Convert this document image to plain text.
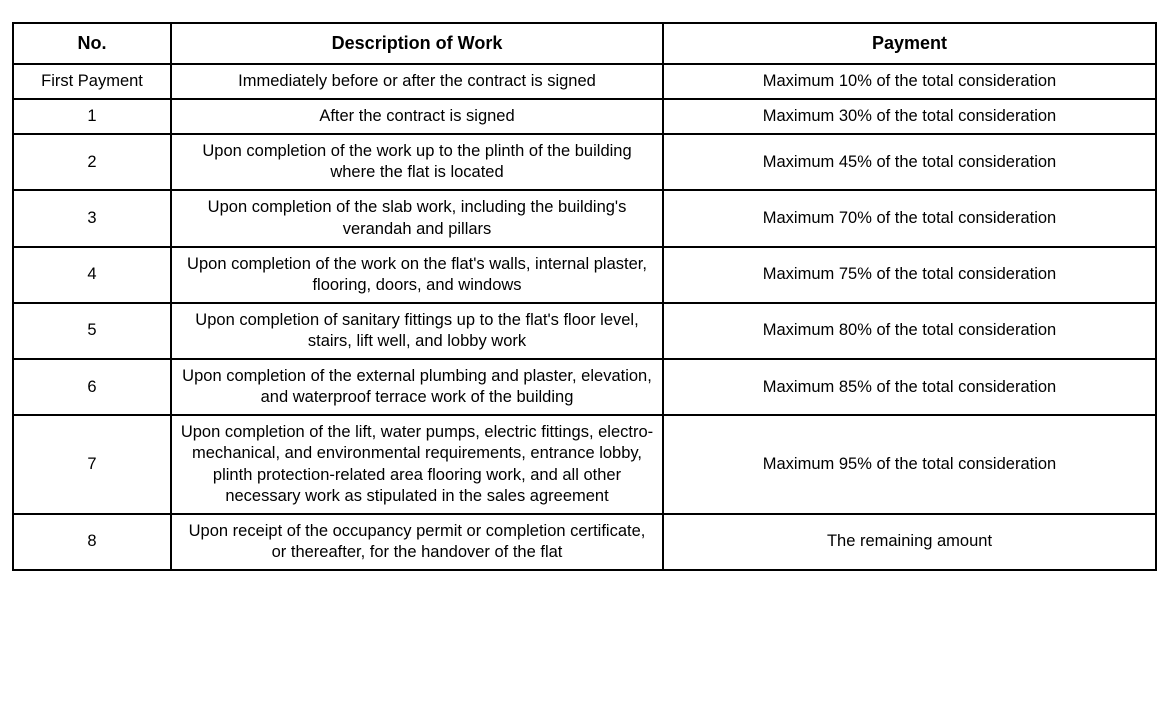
No.	Description of Work	Payment
First Payment	Immediately before or after the contract is signed	Maximum 10% of the total consideration
1	After the contract is signed	Maximum 30% of the total consideration
2	Upon completion of the work up to the plinth of the building where the flat is located	Maximum 45% of the total consideration
3	Upon completion of the slab work, including the building's verandah and pillars	Maximum 70% of the total consideration
4	Upon completion of the work on the flat's walls, internal plaster, flooring, doors, and windows	Maximum 75% of the total consideration
5	Upon completion of sanitary fittings up to the flat's floor level, stairs, lift well, and lobby work	Maximum 80% of the total consideration
6	Upon completion of the external plumbing and plaster, elevation, and waterproof terrace work of the building	Maximum 85% of the total consideration
7	Upon completion of the lift, water pumps, electric fittings, electro-mechanical, and environmental requirements, entrance lobby, plinth protection-related area flooring work, and all other necessary work as stipulated in the sales agreement	Maximum 95% of the total consideration
8	Upon receipt of the occupancy permit or completion certificate, or thereafter, for the handover of the flat	The remaining amount
